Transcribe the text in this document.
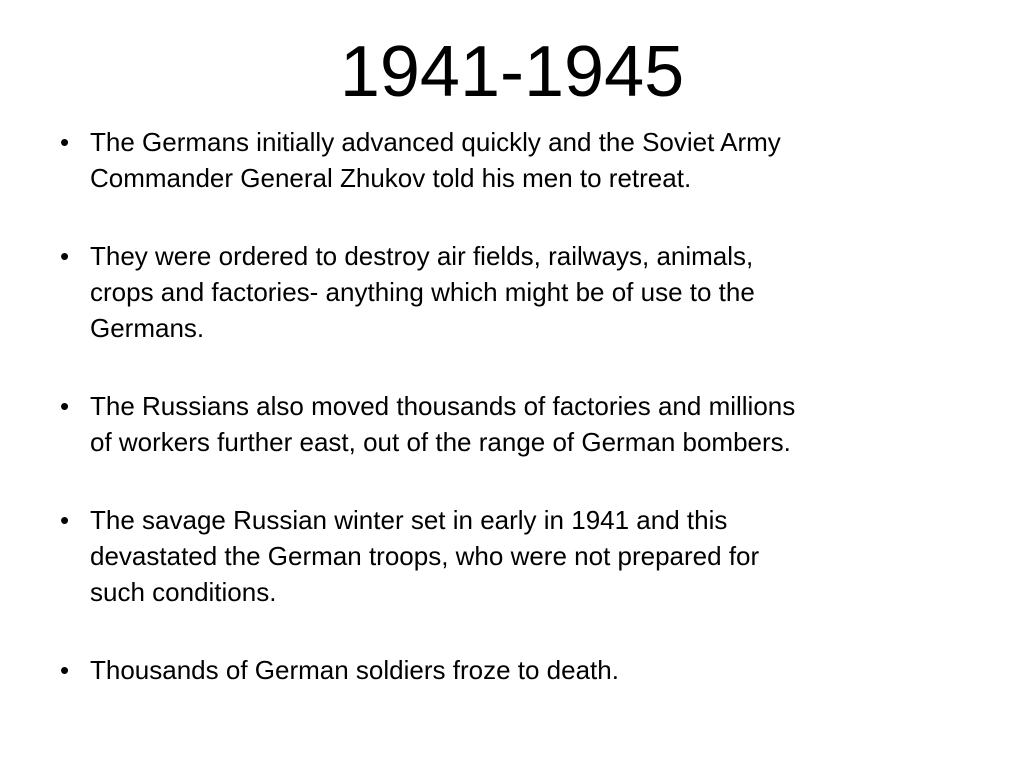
1941-1945
• The Germans initially advanced quickly and the Soviet Army
Commander General Zhukov told his men to retreat.
• They were ordered to destroy air fields, railways, animals,
crops and factories- anything which might be of use to the
Germans.
• The Russians also moved thousands of factories and millions
of workers further east, out of the range of German bombers.
• The savage Russian winter set in early in 1941 and this
devastated the German troops, who were not prepared for
such conditions.
• Thousands of German soldiers froze to death.
